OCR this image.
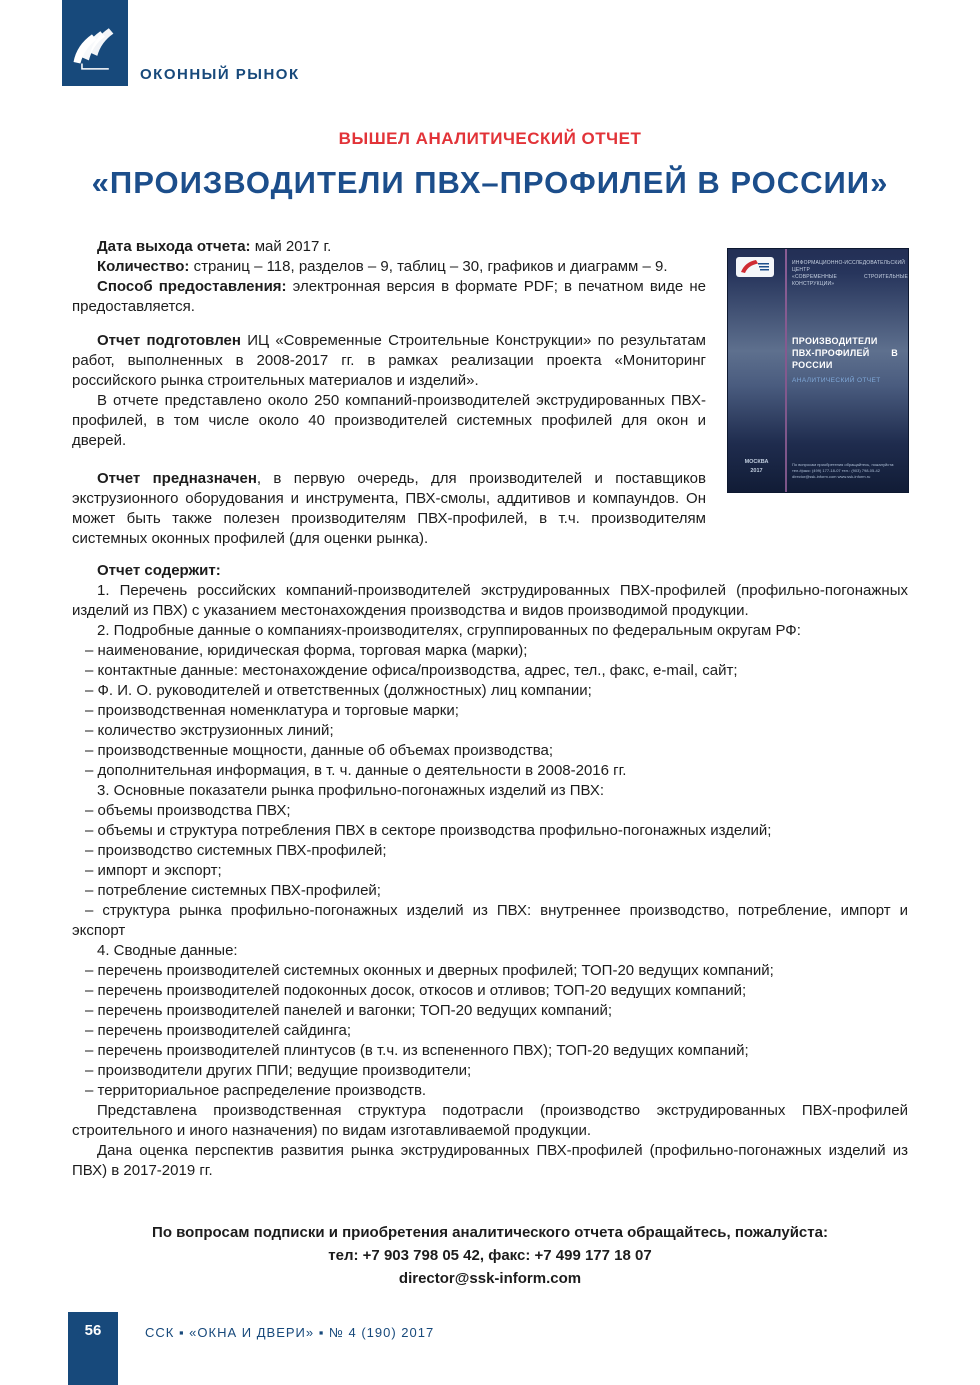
ОКОННЫЙ РЫНОК
ВЫШЕЛ АНАЛИТИЧЕСКИЙ ОТЧЕТ
«ПРОИЗВОДИТЕЛИ ПВХ–ПРОФИЛЕЙ В РОССИИ»
ИНФОРМАЦИОННО-ИССЛЕДОВАТЕЛЬСКИЙ ЦЕНТР
«СОВРЕМЕННЫЕ СТРОИТЕЛЬНЫЕ КОНСТРУКЦИИ»
ПРОИЗВОДИТЕЛИ ПВХ-ПРОФИЛЕЙ В РОССИИ
АНАЛИТИЧЕСКИЙ ОТЧЕТ
МОСКВА
2017
По вопросам приобретения обращайтесь, пожалуйста:
тел./факс: (499) 177-18-07 тел.: (903) 798-05-42
director@ssk-inform.com www.ssk-inform.ru

Дата выхода отчета: май 2017 г.

Количество: страниц – 118, разделов – 9, таблиц – 30, графиков и диаграмм – 9.

Способ предоставления: электронная версия в формате PDF; в печатном виде не предоставляется.

Отчет подготовлен ИЦ «Современные Строительные Конструкции» по результатам работ, выполненных в 2008-2017 гг. в рамках реализации проекта «Мониторинг российского рынка строительных материалов и изделий».

В отчете представлено около 250 компаний-производителей экструдированных ПВХ-профилей, в том числе около 40 производителей системных профилей для окон и дверей.

Отчет предназначен, в первую очередь, для производителей и поставщиков экструзионного оборудования и инструмента, ПВХ-смолы, аддитивов и компаундов. Он может быть также полезен производителям ПВХ-профилей, в т.ч. производителям системных оконных профилей (для оценки рынка).

Отчет содержит:

1. Перечень российских компаний-производителей экструдированных ПВХ-профилей (профильно-погонажных изделий из ПВХ) с указанием местонахождения производства и видов производимой продукции.

2. Подробные данные о компаниях-производителях, сгруппированных по федеральным округам РФ:

– наименование, юридическая форма, торговая марка (марки);

– контактные данные: местонахождение офиса/производства, адрес, тел., факс, e-mail, сайт;

– Ф. И. О. руководителей и ответственных (должностных) лиц компании;

– производственная номенклатура и торговые марки;

– количество экструзионных линий;

– производственные мощности, данные об объемах производства;

– дополнительная информация, в т. ч. данные о деятельности в 2008-2016 гг.

3. Основные показатели рынка профильно-погонажных изделий из ПВХ:

– объемы производства ПВХ;

– объемы и структура потребления ПВХ в секторе производства профильно-погонажных изделий;

– производство системных ПВХ-профилей;

– импорт и экспорт;

– потребление системных ПВХ-профилей;

– структура рынка профильно-погонажных изделий из ПВХ: внутреннее производство, потребление, импорт и экспорт

4. Сводные данные:

– перечень производителей системных оконных и дверных профилей; ТОП-20 ведущих компаний;

– перечень производителей подоконных досок, откосов и отливов; ТОП-20 ведущих компаний;

– перечень производителей панелей и вагонки; ТОП-20 ведущих компаний;

– перечень производителей сайдинга;

– перечень производителей плинтусов (в т.ч. из вспененного ПВХ); ТОП-20 ведущих компаний;

– производители других ППИ; ведущие производители;

– территориальное распределение производств.

Представлена производственная структура подотрасли (производство экструдированных ПВХ-профилей строительного и иного назначения) по видам изготавливаемой продукции.

Дана оценка перспектив развития рынка экструдированных ПВХ-профилей (профильно-погонажных изделий из ПВХ) в 2017-2019 гг.

По вопросам подписки и приобретения аналитического отчета обращайтесь, пожалуйста:

тел: +7 903 798 05 42, факс: +7 499 177 18 07

director@ssk-inform.com

56	ССК ▪ «ОКНА И ДВЕРИ» ▪ № 4 (190) 2017
